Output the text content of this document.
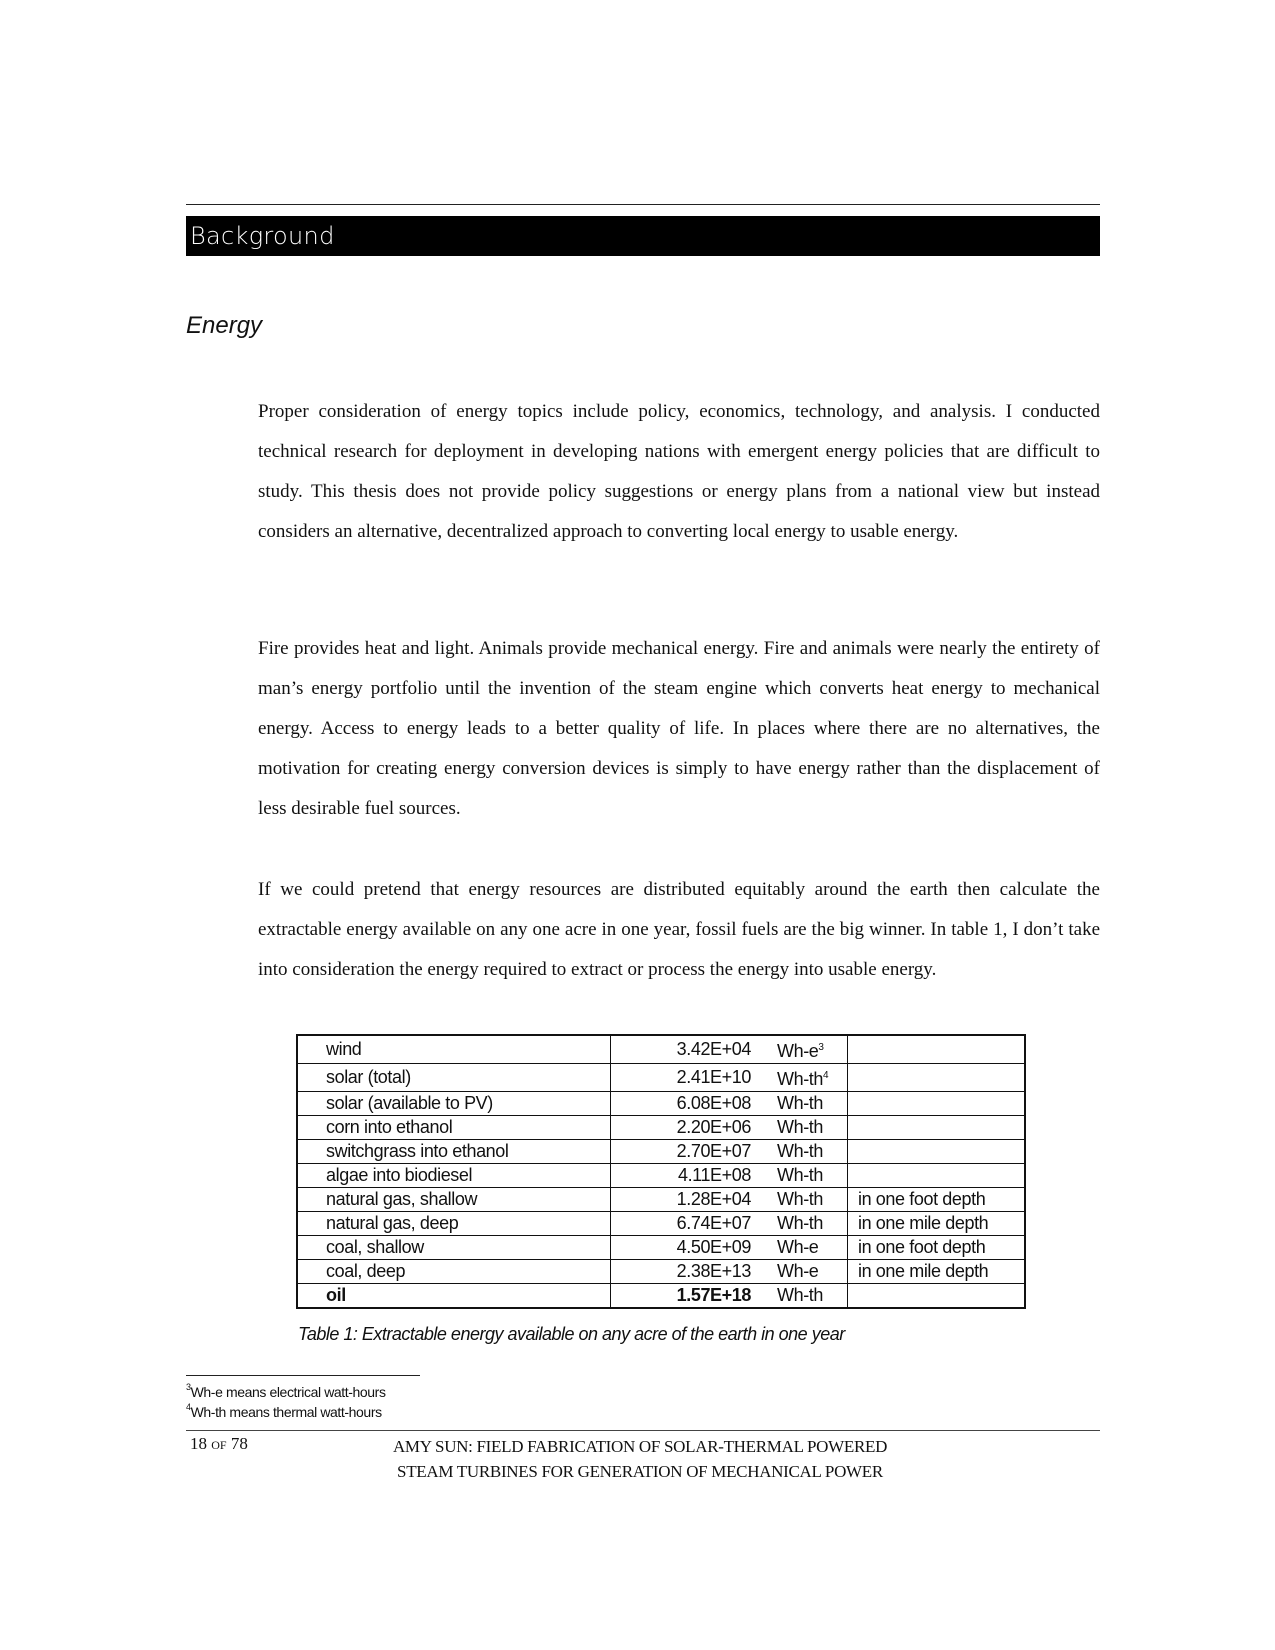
Background
Energy

Proper consideration of energy topics include policy, economics, technology, and analysis. I conducted technical research for deployment in developing nations with emergent energy policies that are difficult to study. This thesis does not provide policy suggestions or energy plans from a national view but instead considers an alternative, decentralized approach to converting local energy to usable energy.

Fire provides heat and light. Animals provide mechanical energy. Fire and animals were nearly the entirety of man’s energy portfolio until the invention of the steam engine which converts heat energy to mechanical energy. Access to energy leads to a better quality of life. In places where there are no alternatives, the motivation for creating energy conversion devices is simply to have energy rather than the displacement of less desirable fuel sources.

If we could pretend that energy resources are distributed equitably around the earth then calculate the extractable energy available on any one acre in one year, fossil fuels are the big winner. In table 1, I don’t take into consideration the energy required to extract or process the energy into usable energy.

wind	3.42E+04	Wh-e$^3$	
solar (total)	2.41E+10	Wh-th$^4$	
solar (available to PV)	6.08E+08	Wh-th	
corn into ethanol	2.20E+06	Wh-th	
switchgrass into ethanol	2.70E+07	Wh-th	
algae into biodiesel	4.11E+08	Wh-th	
natural gas, shallow	1.28E+04	Wh-th	in one foot depth
natural gas, deep	6.74E+07	Wh-th	in one mile depth
coal, shallow	4.50E+09	Wh-e	in one foot depth
coal, deep	2.38E+13	Wh-e	in one mile depth
oil	1.57E+18	Wh-th	
Table 1: Extractable energy available on any acre of the earth in one year
$^3$Wh-e means electrical watt-hours
$^4$Wh-th means thermal watt-hours
18 OF 78	AMY SUN: FIELD FABRICATION OF SOLAR-THERMAL POWERED
STEAM TURBINES FOR GENERATION OF MECHANICAL POWER
